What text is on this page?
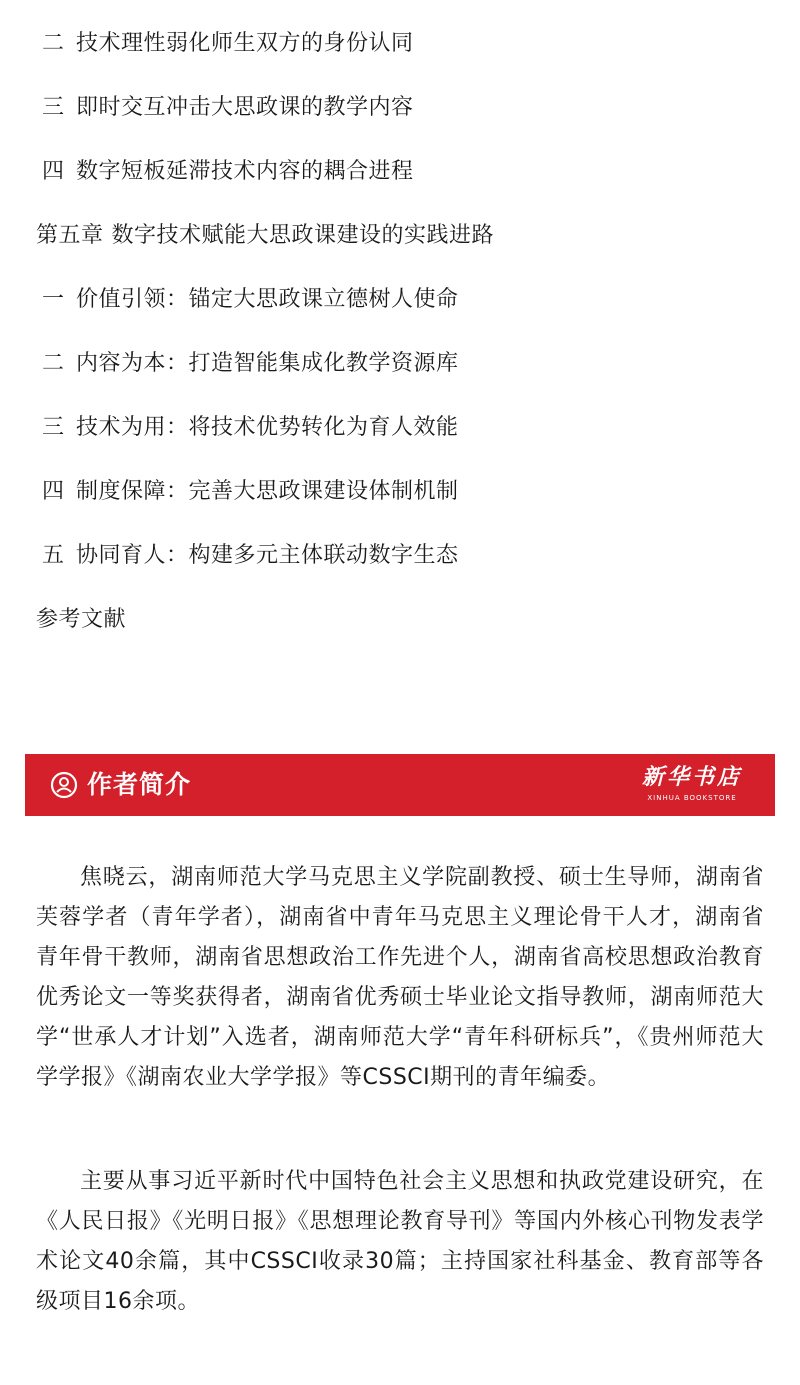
二 技术理性弱化师生双方的身份认同
三 即时交互冲击大思政课的教学内容
四 数字短板延滞技术内容的耦合进程
第五章 数字技术赋能大思政课建设的实践进路
一 价值引领：锚定大思政课立德树人使命
二 内容为本：打造智能集成化教学资源库
三 技术为用：将技术优势转化为育人效能
四 制度保障：完善大思政课建设体制机制
五 协同育人：构建多元主体联动数字生态
参考文献
作者简介	新华书店
XINHUA BOOKSTORE

焦晓云，湖南师范大学马克思主义学院副教授、硕士生导师，湖南省芙蓉学者（青年学者），湖南省中青年马克思主义理论骨干人才，湖南省青年骨干教师，湖南省思想政治工作先进个人，湖南省高校思想政治教育优秀论文一等奖获得者，湖南省优秀硕士毕业论文指导教师，湖南师范大学“世承人才计划”入选者，湖南师范大学“青年科研标兵”，《贵州师范大学学报》《湖南农业大学学报》等CSSCI期刊的青年编委。

主要从事习近平新时代中国特色社会主义思想和执政党建设研究，在《人民日报》《光明日报》《思想理论教育导刊》等国内外核心刊物发表学术论文40余篇，其中CSSCI收录30篇；主持国家社科基金、教育部等各级项目16余项。
